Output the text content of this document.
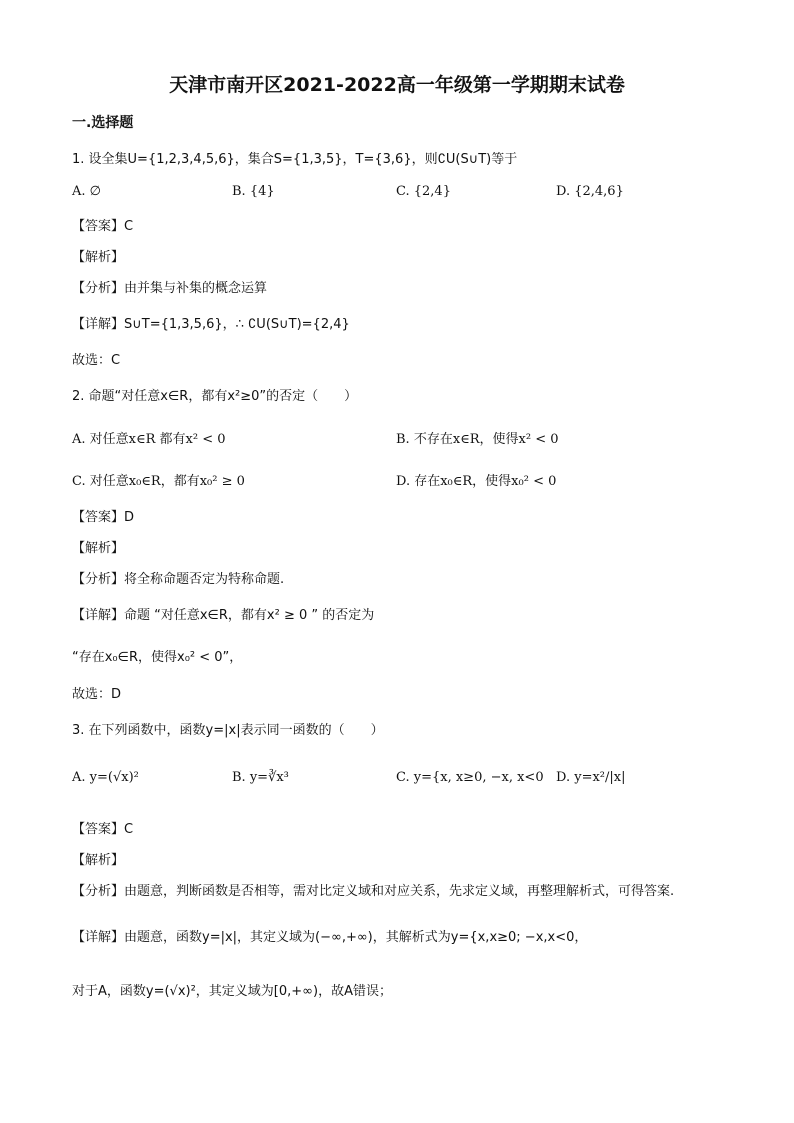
天津市南开区2021-2022高一年级第一学期期末试卷
一.选择题
1. 设全集U={1,2,3,4,5,6}，集合S={1,3,5}，T={3,6}，则∁U(S∪T)等于
A. ∅	B. {4}	C. {2,4}	D. {2,4,6}
【答案】C
【解析】
【分析】由并集与补集的概念运算
【详解】S∪T={1,3,5,6}，∴ ∁U(S∪T)={2,4}
故选：C
2. 命题“对任意x∈R，都有x²≥0”的否定（　　）
A. 对任意x∈R 都有x² < 0	B. 不存在x∈R，使得x² < 0
C. 对任意x₀∈R，都有x₀² ≥ 0	D. 存在x₀∈R，使得x₀² < 0
【答案】D
【解析】
【分析】将全称命题否定为特称命题.
【详解】命题 “对任意x∈R，都有x² ≥ 0 ” 的否定为
“存在x₀∈R，使得x₀² < 0”，
故选：D
3. 在下列函数中，函数y=|x|表示同一函数的（　　）
A. y=(√x)²	B. y=∛x³	C. y={x, x≥0, −x, x<0 D. y=x²/|x|
【答案】C
【解析】
【分析】由题意，判断函数是否相等，需对比定义域和对应关系，先求定义域，再整理解析式，可得答案.
【详解】由题意，函数y=|x|，其定义域为(−∞,+∞)，其解析式为y={x,x≥0; −x,x<0，
对于A，函数y=(√x)²，其定义域为[0,+∞)，故A错误；
